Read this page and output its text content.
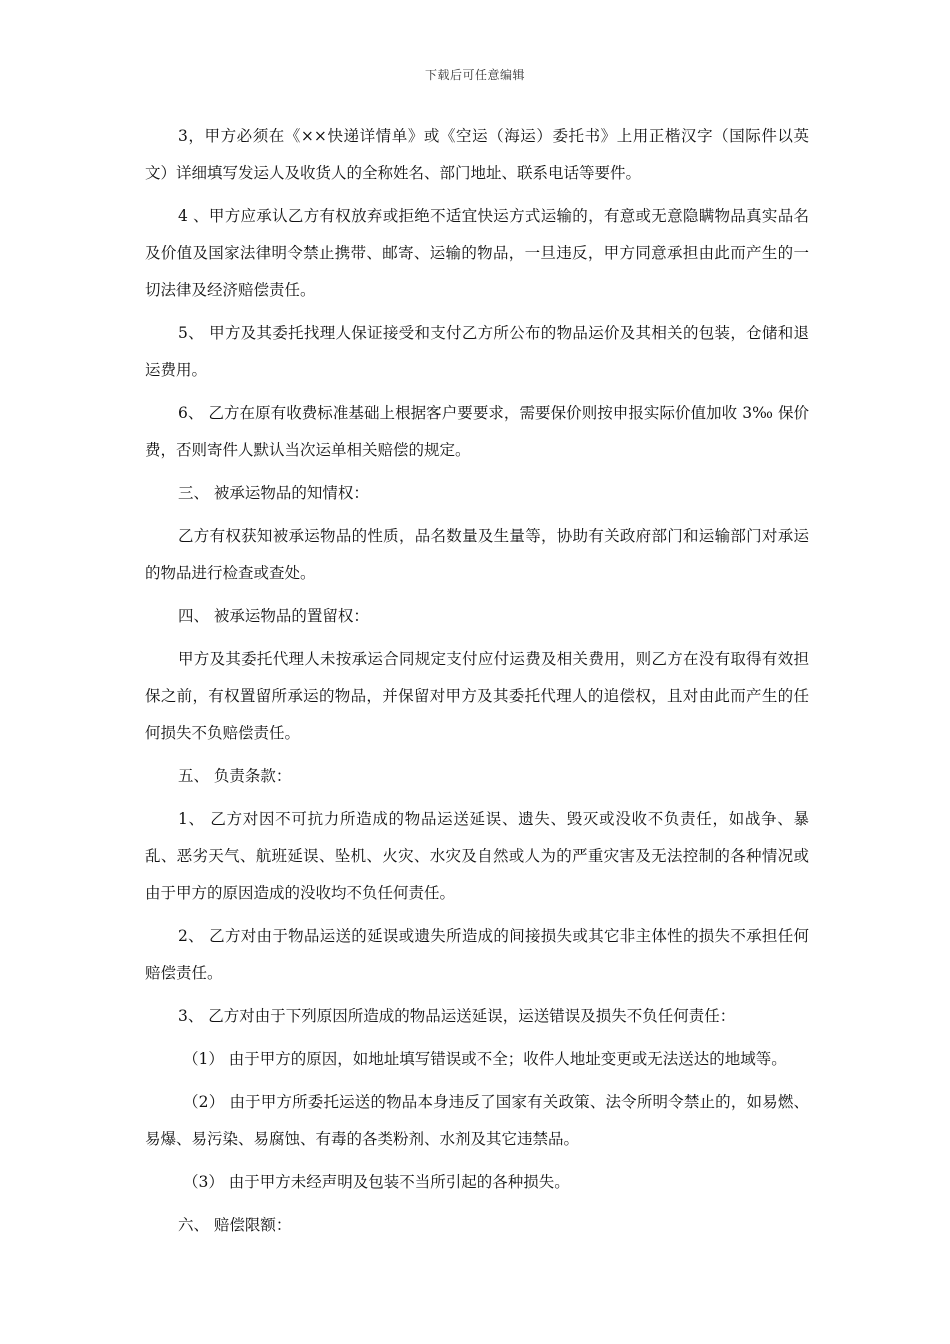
下载后可任意编辑

3，甲方必须在《××快递详情单》或《空运（海运）委托书》上用正楷汉字（国际件以英文）详细填写发运人及收货人的全称姓名、部门地址、联系电话等要件。

4 、甲方应承认乙方有权放弃或拒绝不适宜快运方式运输的，有意或无意隐瞒物品真实品名及价值及国家法律明令禁止携带、邮寄、运输的物品，一旦违反，甲方同意承担由此而产生的一切法律及经济赔偿责任。

5、 甲方及其委托找理人保证接受和支付乙方所公布的物品运价及其相关的包装，仓储和退运费用。

6、 乙方在原有收费标准基础上根据客户要要求，需要保价则按申报实际价值加收 3‰ 保价费，否则寄件人默认当次运单相关赔偿的规定。

三、 被承运物品的知情权：

乙方有权获知被承运物品的性质，品名数量及生量等，协助有关政府部门和运输部门对承运的物品进行检查或查处。

四、 被承运物品的置留权：

甲方及其委托代理人未按承运合同规定支付应付运费及相关费用，则乙方在没有取得有效担保之前，有权置留所承运的物品，并保留对甲方及其委托代理人的追偿权，且对由此而产生的任何损失不负赔偿责任。

五、 负责条款：

1、 乙方对因不可抗力所造成的物品运送延误、遗失、毁灭或没收不负责任，如战争、暴乱、恶劣天气、航班延误、坠机、火灾、水灾及自然或人为的严重灾害及无法控制的各种情况或由于甲方的原因造成的没收均不负任何责任。

2、 乙方对由于物品运送的延误或遗失所造成的间接损失或其它非主体性的损失不承担任何赔偿责任。

3、 乙方对由于下列原因所造成的物品运送延误，运送错误及损失不负任何责任：

（1） 由于甲方的原因，如地址填写错误或不全；收件人地址变更或无法送达的地域等。

（2） 由于甲方所委托运送的物品本身违反了国家有关政策、法令所明令禁止的，如易燃、易爆、易污染、易腐蚀、有毒的各类粉剂、水剂及其它违禁品。

（3） 由于甲方未经声明及包装不当所引起的各种损失。

六、 赔偿限额：
